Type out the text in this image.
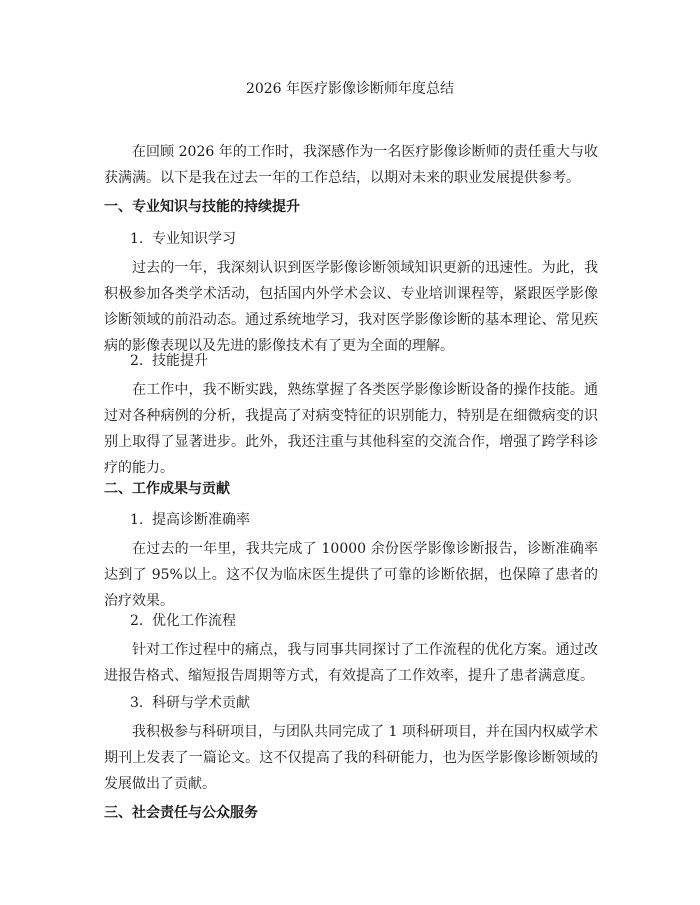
2026 年医疗影像诊断师年度总结

在回顾 2026 年的工作时，我深感作为一名医疗影像诊断师的责任重大与收获满满。以下是我在过去一年的工作总结，以期对未来的职业发展提供参考。

一、专业知识与技能的持续提升

1. 专业知识学习

过去的一年，我深刻认识到医学影像诊断领域知识更新的迅速性。为此，我积极参加各类学术活动，包括国内外学术会议、专业培训课程等，紧跟医学影像诊断领域的前沿动态。通过系统地学习，我对医学影像诊断的基本理论、常见疾病的影像表现以及先进的影像技术有了更为全面的理解。

2. 技能提升

在工作中，我不断实践，熟练掌握了各类医学影像诊断设备的操作技能。通过对各种病例的分析，我提高了对病变特征的识别能力，特别是在细微病变的识别上取得了显著进步。此外，我还注重与其他科室的交流合作，增强了跨学科诊疗的能力。

二、工作成果与贡献

1. 提高诊断准确率

在过去的一年里，我共完成了 10000 余份医学影像诊断报告，诊断准确率达到了 95%以上。这不仅为临床医生提供了可靠的诊断依据，也保障了患者的治疗效果。

2. 优化工作流程

针对工作过程中的痛点，我与同事共同探讨了工作流程的优化方案。通过改进报告格式、缩短报告周期等方式，有效提高了工作效率，提升了患者满意度。

3. 科研与学术贡献

我积极参与科研项目，与团队共同完成了 1 项科研项目，并在国内权威学术期刊上发表了一篇论文。这不仅提高了我的科研能力，也为医学影像诊断领域的发展做出了贡献。

三、社会责任与公众服务
